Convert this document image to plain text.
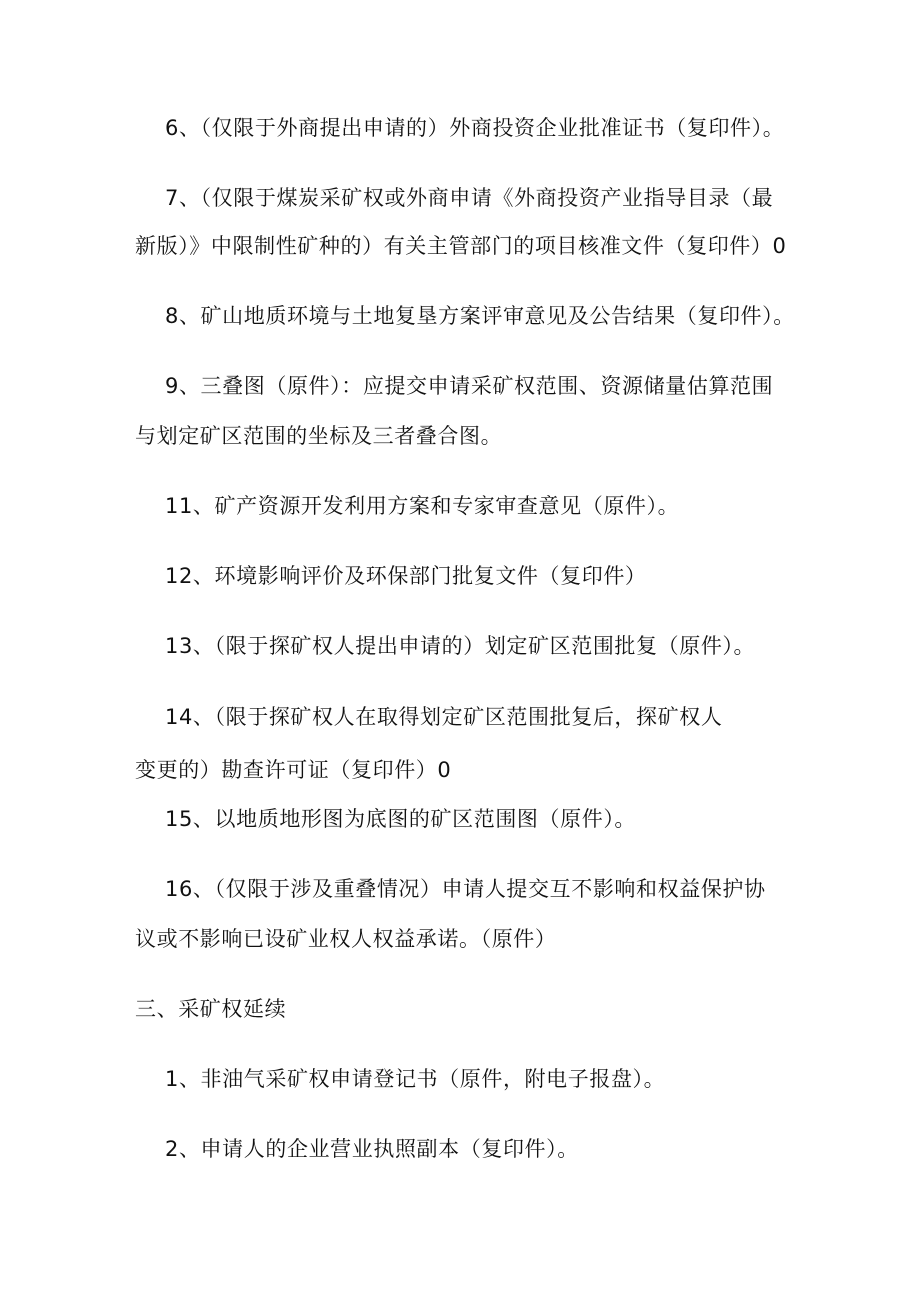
6、（仅限于外商提出申请的）外商投资企业批准证书（复印件）。

7、（仅限于煤炭采矿权或外商申请《外商投资产业指导目录（最

新版）》中限制性矿种的）有关主管部门的项目核准文件（复印件）0

8、矿山地质环境与土地复垦方案评审意见及公告结果（复印件）。

9、三叠图（原件）：应提交申请采矿权范围、资源储量估算范围

与划定矿区范围的坐标及三者叠合图。

11、矿产资源开发利用方案和专家审查意见（原件）。

12、环境影响评价及环保部门批复文件（复印件）

13、（限于探矿权人提出申请的）划定矿区范围批复（原件）。

14、（限于探矿权人在取得划定矿区范围批复后，探矿权人

变更的）勘查许可证（复印件）0

15、以地质地形图为底图的矿区范围图（原件）。

16、（仅限于涉及重叠情况）申请人提交互不影响和权益保护协

议或不影响已设矿业权人权益承诺。（原件）

三、采矿权延续

1、非油气采矿权申请登记书（原件，附电子报盘）。

2、申请人的企业营业执照副本（复印件）。
